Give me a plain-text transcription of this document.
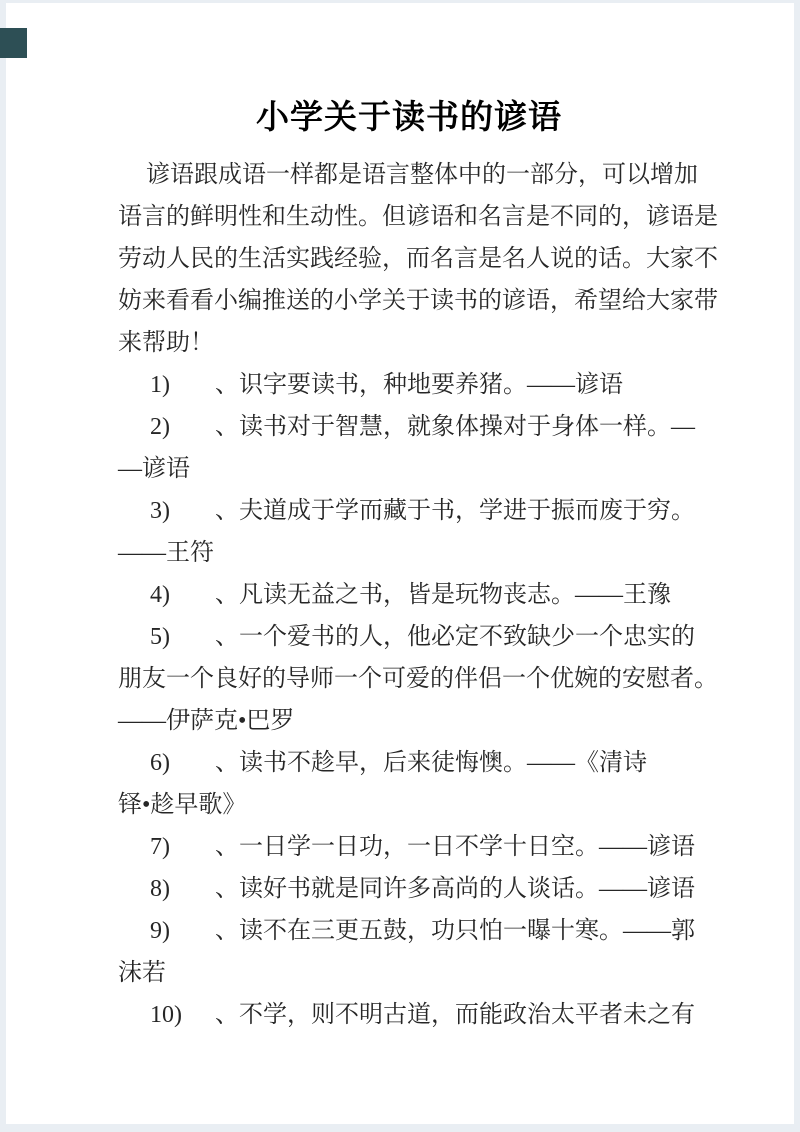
小学关于读书的谚语
谚语跟成语一样都是语言整体中的一部分，可以增加
语言的鲜明性和生动性。但谚语和名言是不同的，谚语是
劳动人民的生活实践经验，而名言是名人说的话。大家不
妨来看看小编推送的小学关于读书的谚语，希望给大家带
来帮助！
1) 、识字要读书，种地要养猪。——谚语
2) 、读书对于智慧，就象体操对于身体一样。—
—谚语
3) 、夫道成于学而藏于书，学进于振而废于穷。
——王符
4) 、凡读无益之书，皆是玩物丧志。——王豫
5) 、一个爱书的人，他必定不致缺少一个忠实的
朋友一个良好的导师一个可爱的伴侣一个优婉的安慰者。
——伊萨克•巴罗
6) 、读书不趁早，后来徒悔懊。——《清诗
铎•趁早歌》
7) 、一日学一日功，一日不学十日空。——谚语
8) 、读好书就是同许多高尚的人谈话。——谚语
9) 、读不在三更五鼓，功只怕一曝十寒。——郭
沫若
10) 、不学，则不明古道，而能政治太平者未之有
